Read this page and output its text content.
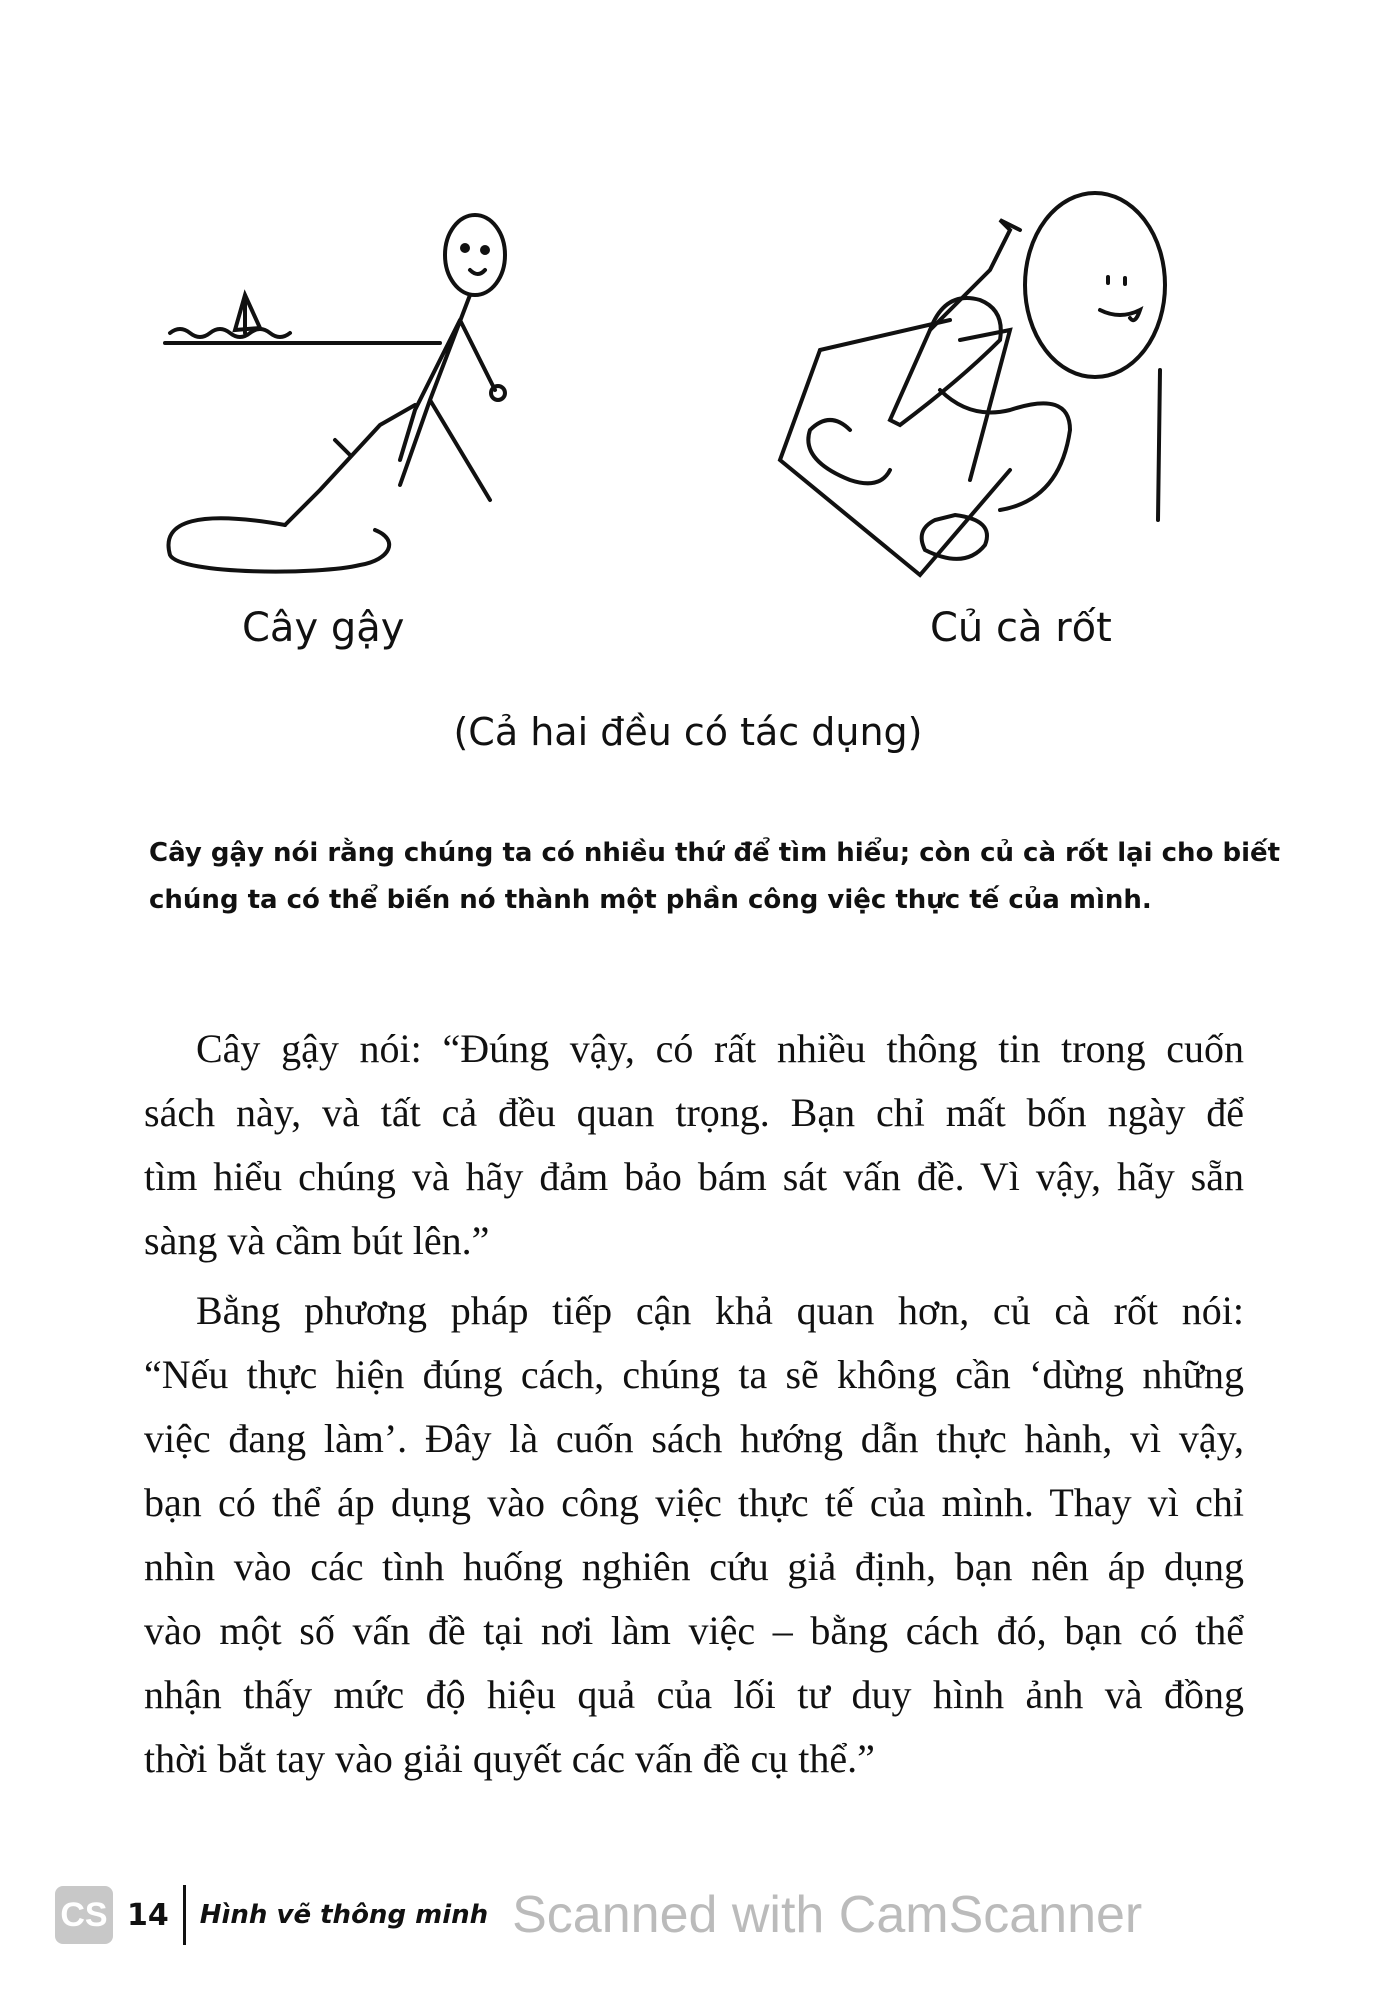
Cây gậy	Củ cà rốt
(Cả hai đều có tác dụng)
Cây gậy nói rằng chúng ta có nhiều thứ để tìm hiểu; còn củ cà rốt lại cho biết
chúng ta có thể biến nó thành một phần công việc thực tế của mình.
Cây gậy nói: “Đúng vậy, có rất nhiều thông tin trong cuốn
sách này, và tất cả đều quan trọng. Bạn chỉ mất bốn ngày để
tìm hiểu chúng và hãy đảm bảo bám sát vấn đề. Vì vậy, hãy sẵn
sàng và cầm bút lên.”
Bằng phương pháp tiếp cận khả quan hơn, củ cà rốt nói:
“Nếu thực hiện đúng cách, chúng ta sẽ không cần ‘dừng những
việc đang làm’. Đây là cuốn sách hướng dẫn thực hành, vì vậy,
bạn có thể áp dụng vào công việc thực tế của mình. Thay vì chỉ
nhìn vào các tình huống nghiên cứu giả định, bạn nên áp dụng
vào một số vấn đề tại nơi làm việc – bằng cách đó, bạn có thể
nhận thấy mức độ hiệu quả của lối tư duy hình ảnh và đồng
thời bắt tay vào giải quyết các vấn đề cụ thể.”
CS 14 Hình vẽ thông minh Scanned with CamScanner
